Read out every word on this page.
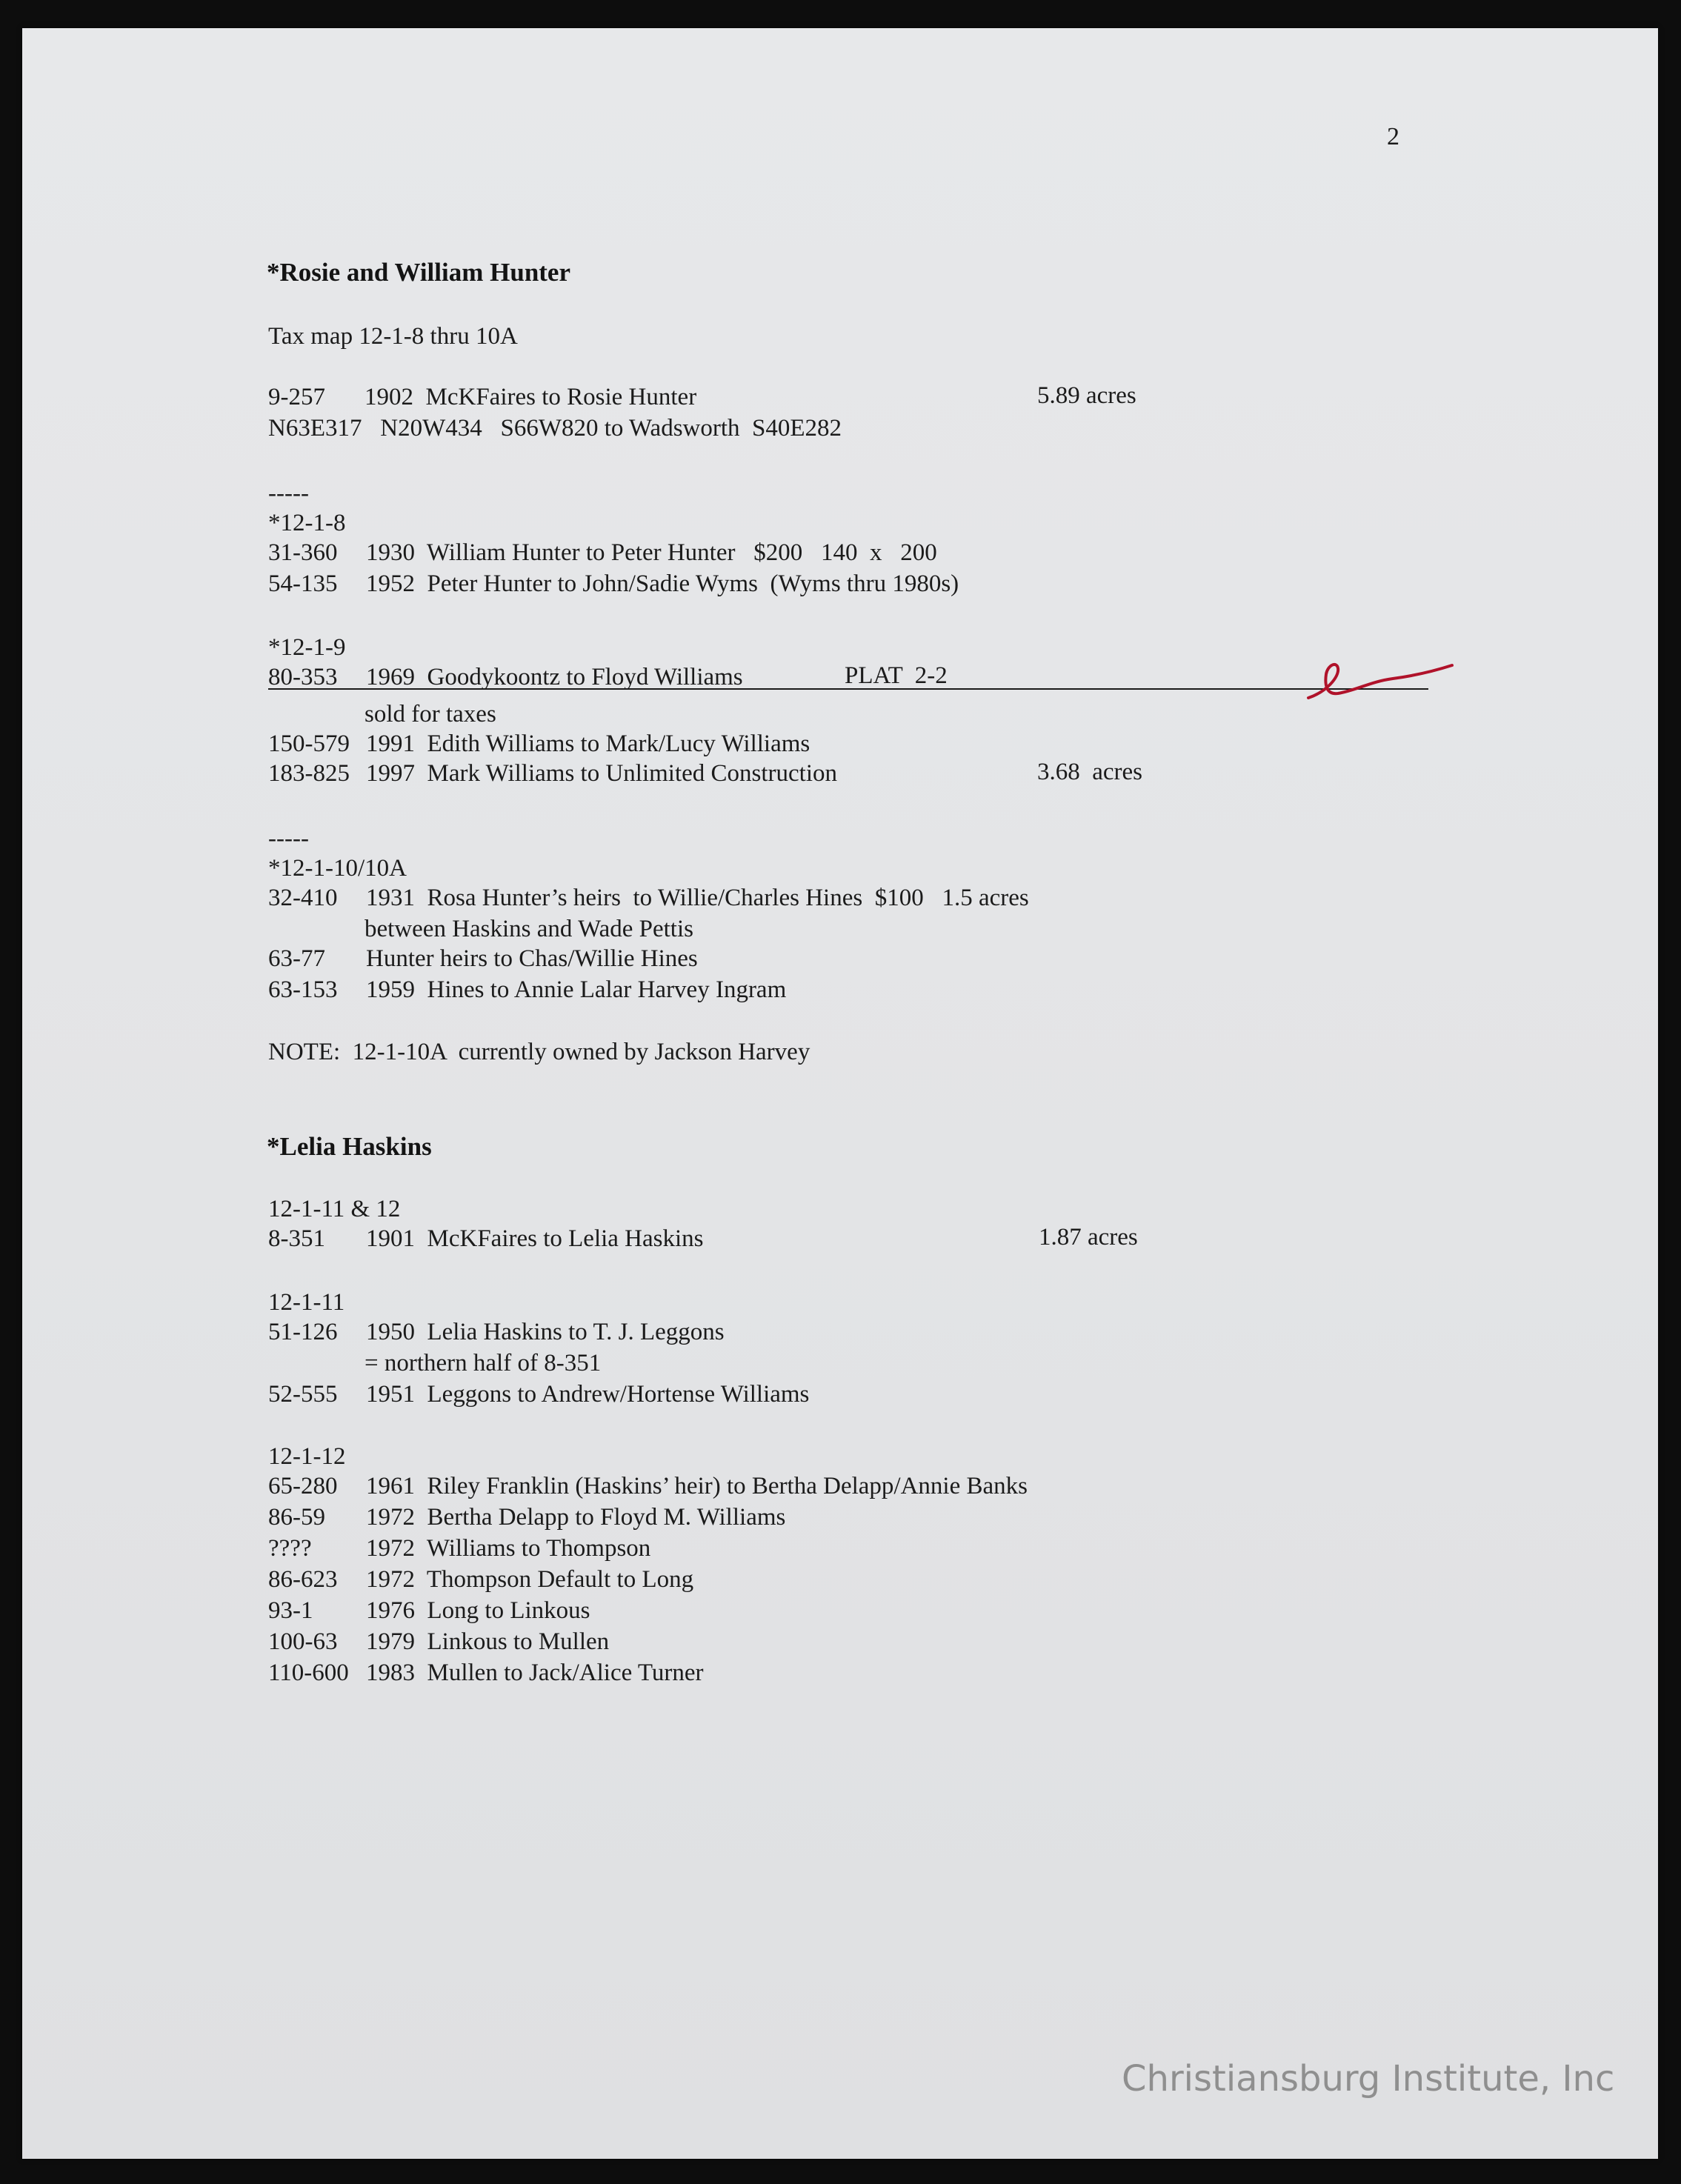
2
*Rosie and William Hunter
Tax map 12-1-8 thru 10A
9-257 1902  McKFaires to Rosie Hunter	5.89 acres
N63E317   N20W434   S66W820 to Wadsworth  S40E282
-----
*12-1-8
31-360 1930  William Hunter to Peter Hunter   $200   140  x   200
54-135 1952  Peter Hunter to John/Sadie Wyms  (Wyms thru 1980s)
*12-1-9
80-353 1969  Goodykoontz to Floyd Williams	PLAT  2-2
sold for taxes
150-579 1991  Edith Williams to Mark/Lucy Williams
183-825 1997  Mark Williams to Unlimited Construction	3.68  acres
-----
*12-1-10/10A
32-410 1931  Rosa Hunter’s heirs  to Willie/Charles Hines  $100   1.5 acres
between Haskins and Wade Pettis
63-77 Hunter heirs to Chas/Willie Hines
63-153 1959  Hines to Annie Lalar Harvey Ingram
NOTE:  12-1-10A  currently owned by Jackson Harvey
*Lelia Haskins
12-1-11 & 12
8-351 1901  McKFaires to Lelia Haskins	1.87 acres
12-1-11
51-126 1950  Lelia Haskins to T. J. Leggons
= northern half of 8-351
52-555 1951  Leggons to Andrew/Hortense Williams
12-1-12
65-280 1961  Riley Franklin (Haskins’ heir) to Bertha Delapp/Annie Banks
86-59 1972  Bertha Delapp to Floyd M. Williams
???? 1972  Williams to Thompson
86-623 1972  Thompson Default to Long
93-1 1976  Long to Linkous
100-63 1979  Linkous to Mullen
110-600 1983  Mullen to Jack/Alice Turner
Christiansburg Institute, Inc
